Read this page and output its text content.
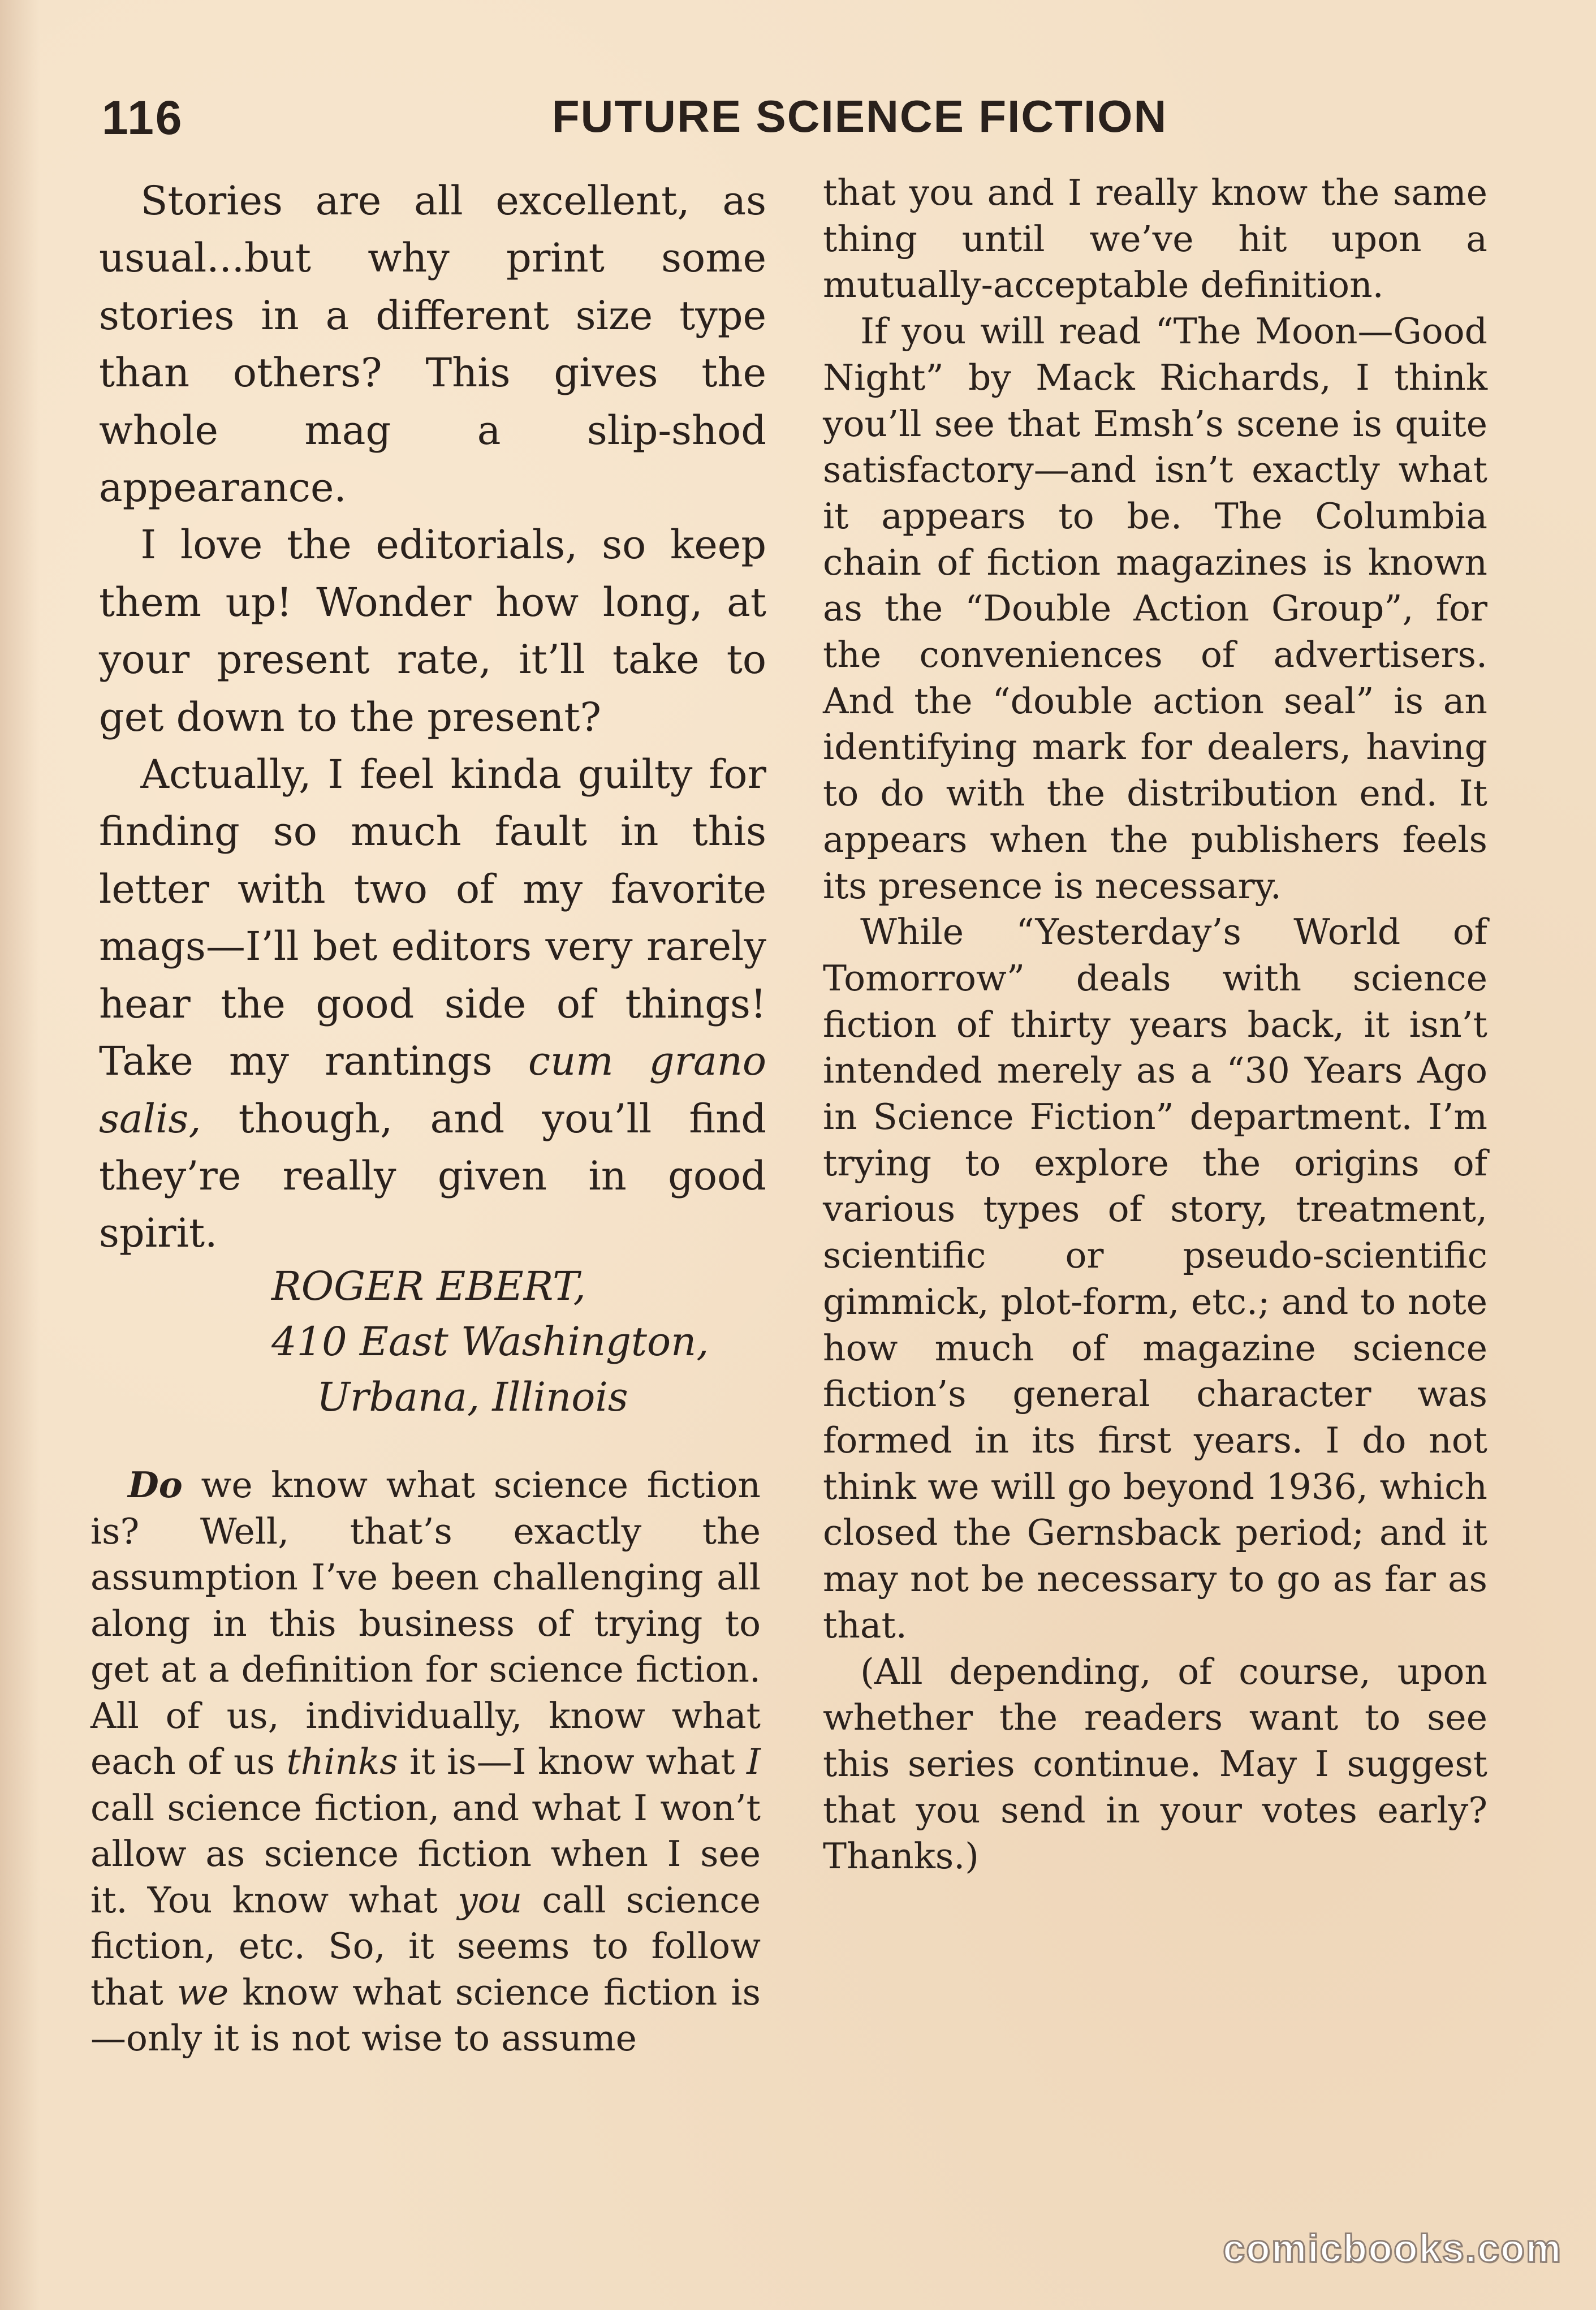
116	FUTURE SCIENCE FICTION

Stories are all excellent, as usual...but why print some stories in a different size type than others? This gives the whole mag a slip-shod appearance.

I love the editorials, so keep them up! Wonder how long, at your present rate, it’ll take to get down to the present?

Actually, I feel kinda guilty for finding so much fault in this letter with two of my favorite mags—I’ll bet editors very rarely hear the good side of things! Take my rantings cum grano salis, though, and you’ll find they’re really given in good spirit.

ROGER EBERT,
410 East Washington,
Urbana, Illinois

Do we know what science fiction is? Well, that’s exactly the assumption I’ve been challenging all along in this business of trying to get at a definition for science fiction. All of us, individually, know what each of us thinks it is—I know what I call science fiction, and what I won’t allow as science fiction when I see it. You know what you call science fiction, etc. So, it seems to follow that we know what science fiction is—only it is not wise to assume

that you and I really know the same thing until we’ve hit upon a mutually-acceptable definition.

If you will read “The Moon—Good Night” by Mack Richards, I think you’ll see that Emsh’s scene is quite satisfactory—and isn’t exactly what it appears to be. The Columbia chain of fiction magazines is known as the “Double Action Group”, for the conveniences of advertisers. And the “double action seal” is an identifying mark for dealers, having to do with the distribution end. It appears when the publishers feels its presence is necessary.

While “Yesterday’s World of Tomorrow” deals with science fiction of thirty years back, it isn’t intended merely as a “30 Years Ago in Science Fiction” department. I’m trying to explore the origins of various types of story, treatment, scientific or pseudo-scientific gimmick, plot-form, etc.; and to note how much of magazine science fiction’s general character was formed in its first years. I do not think we will go beyond 1936, which closed the Gernsback period; and it may not be necessary to go as far as that.

(All depending, of course, upon whether the readers want to see this series continue. May I suggest that you send in your votes early? Thanks.)

comicbooks.com
